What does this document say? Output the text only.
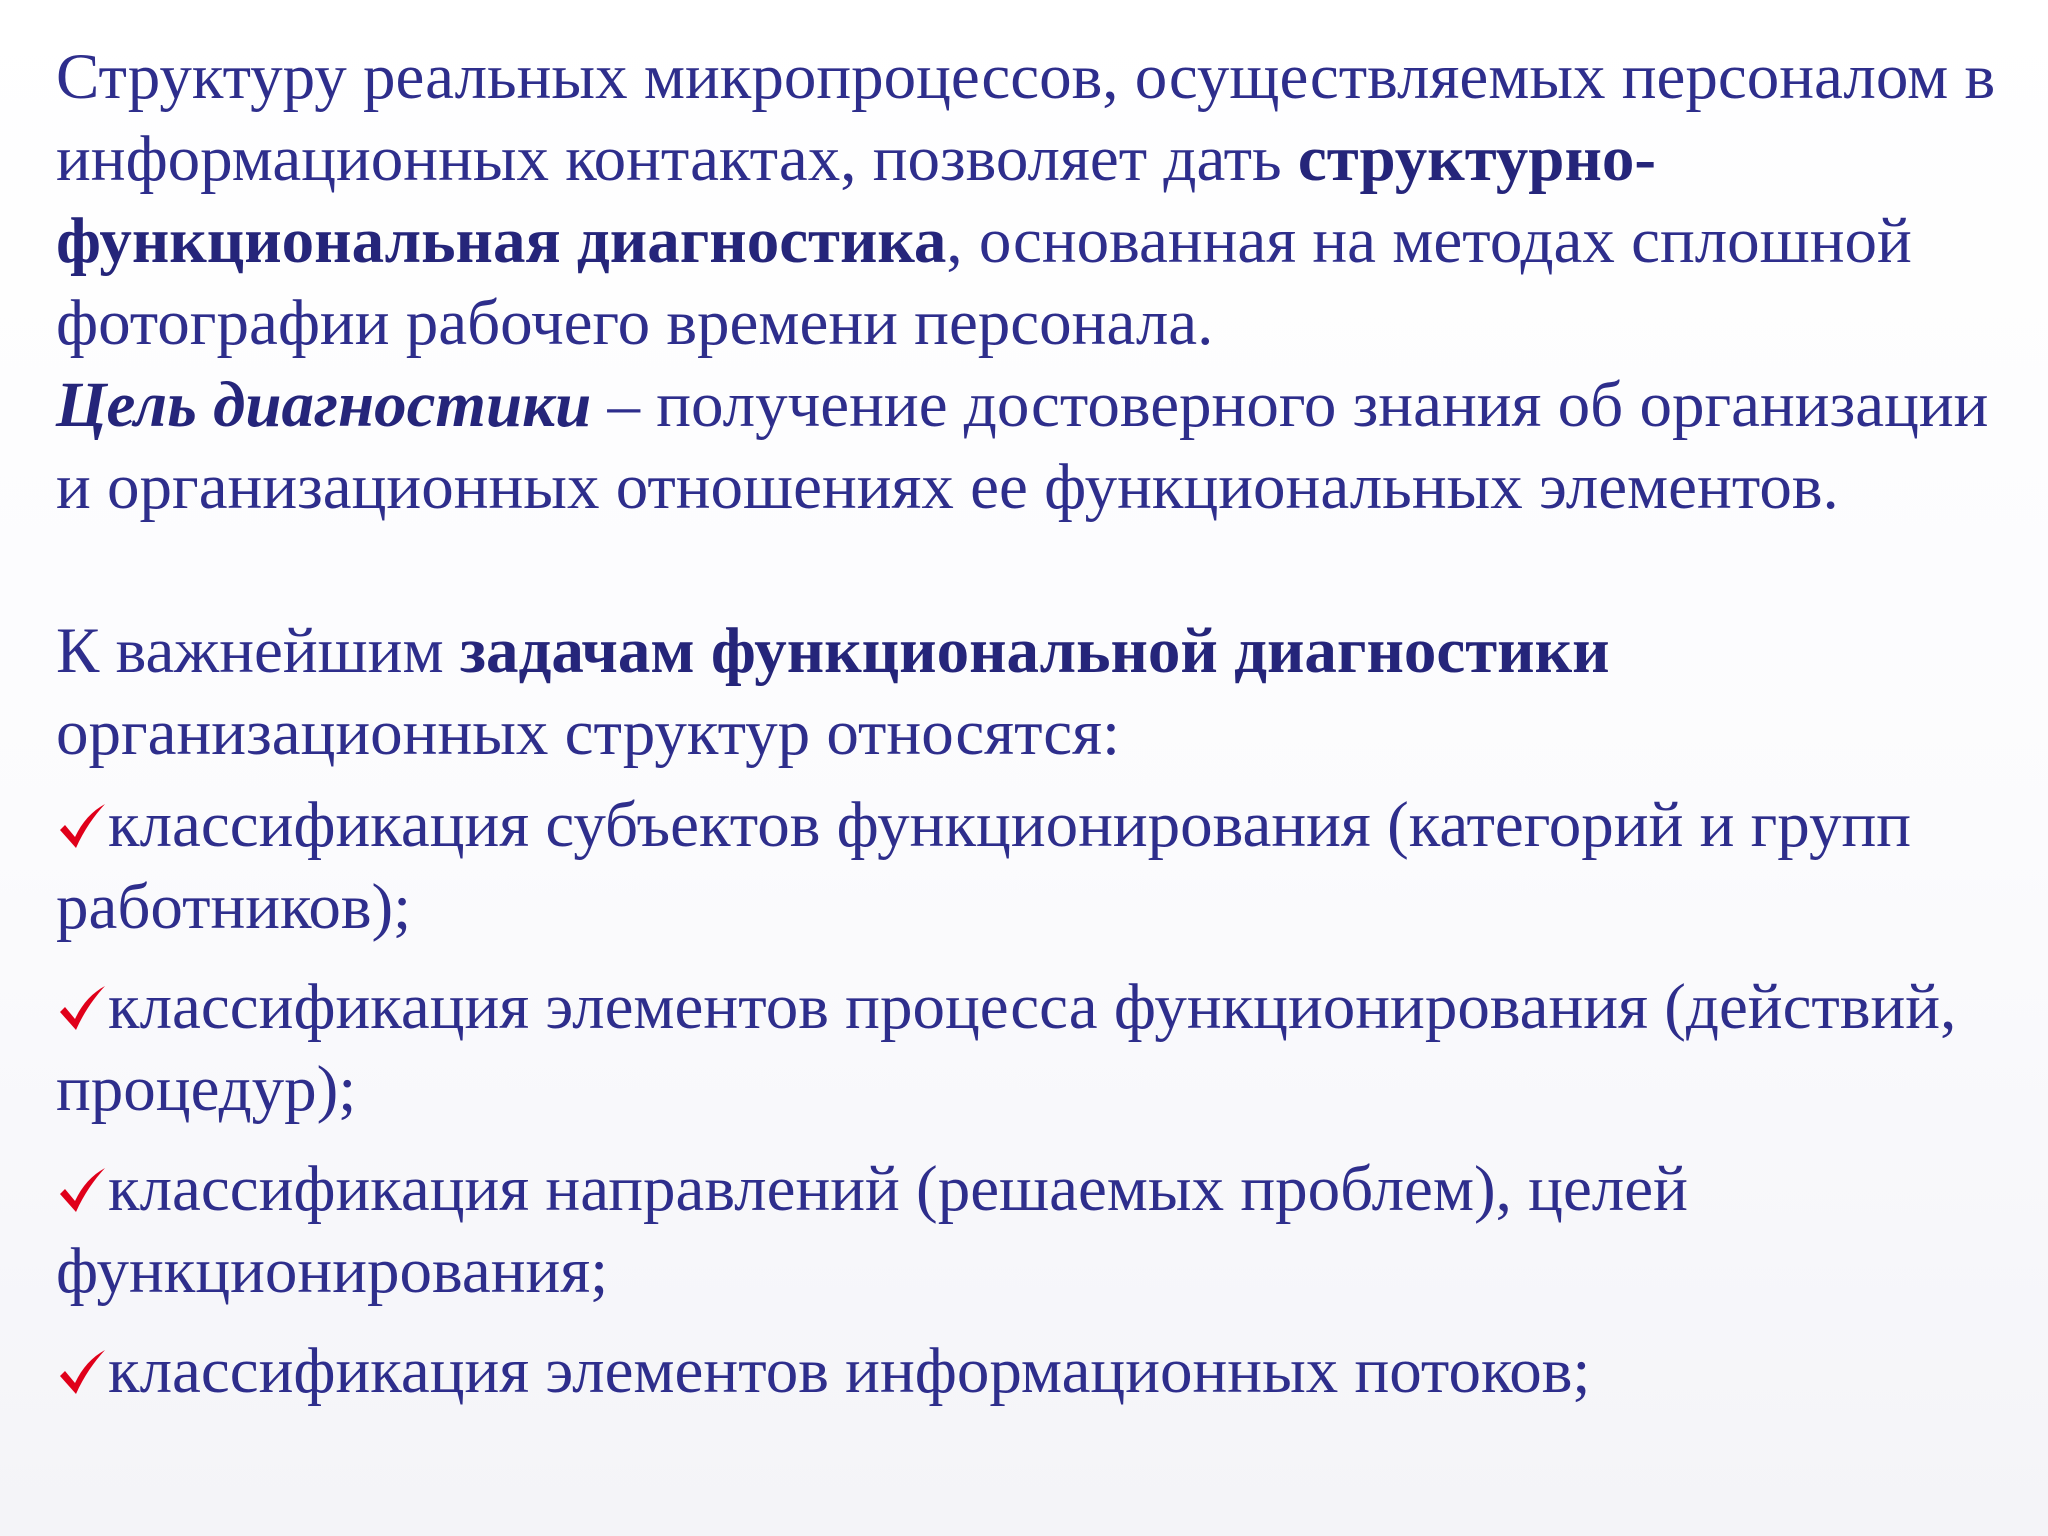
Структуру реальных микропроцессов, осуществляемых персоналом в информационных контактах, позволяет дать структурно-функциональная диагностика, основанная на методах сплошной фотографии рабочего времени персонала.

Цель диагностики – получение достоверного знания об организации и организационных отношениях ее функциональных элементов.

К важнейшим задачам функциональной диагностики организационных структур относятся:

классификация субъектов функционирования (категорий и групп работников);
классификация элементов процесса функционирования (действий, процедур);
классификация направлений (решаемых проблем), целей функционирования;
классификация элементов информационных потоков;
